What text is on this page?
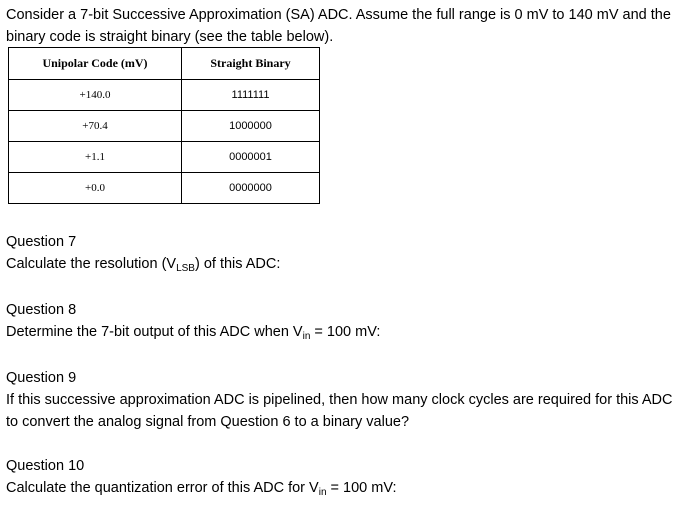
Consider a 7-bit Successive Approximation (SA) ADC. Assume the full range is 0 mV to 140 mV and the binary code is straight binary (see the table below).
Unipolar Code (mV)	Straight Binary
+140.0	1111111
+70.4	1000000
+1.1	0000001
+0.0	0000000
Question 7
Calculate the resolution $(V_{LSB})$ of this ADC:
Question 8
Determine the 7-bit output of this ADC when $V_{in} = 100$ mV:
Question 9
If this successive approximation ADC is pipelined, then how many clock cycles are required for this ADC to convert the analog signal from Question 6 to a binary value?
Question 10
Calculate the quantization error of this ADC for $V_{in} = 100$ mV:
